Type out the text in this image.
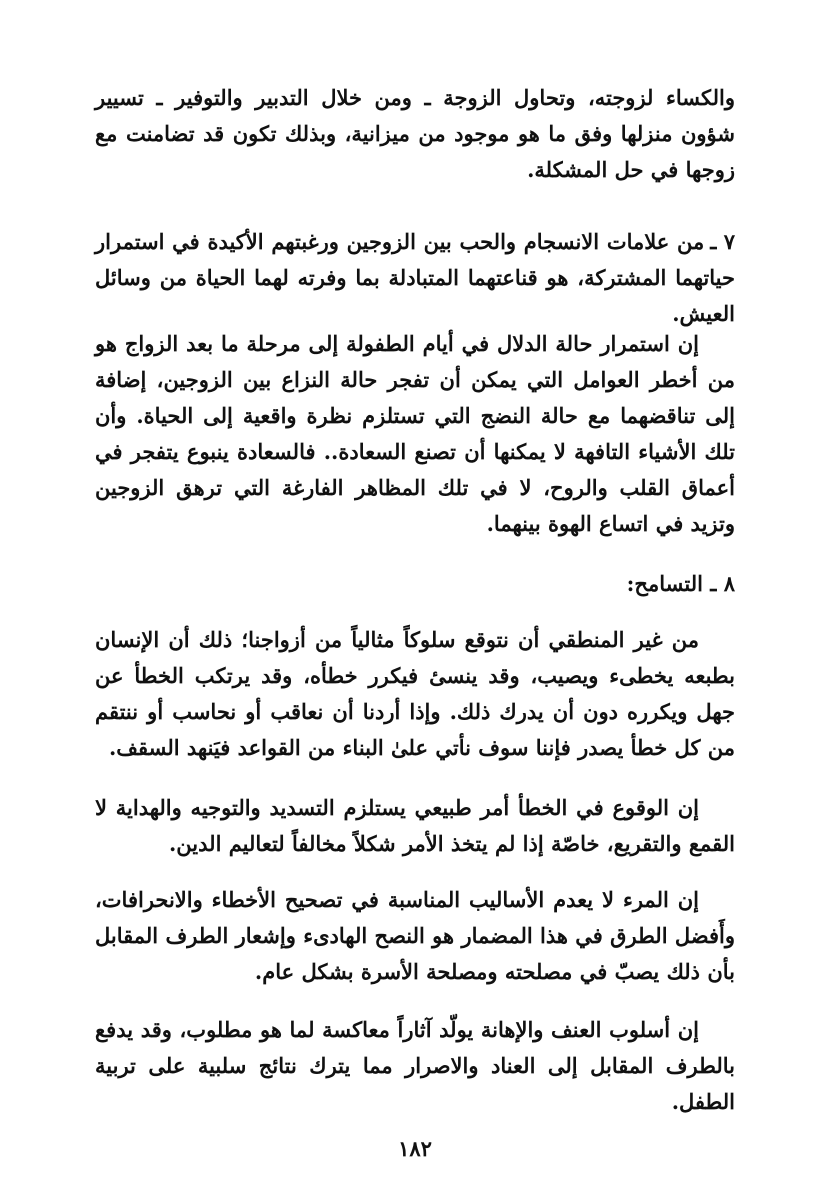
والكساء لزوجته، وتحاول الزوجة ـ ومن خلال التدبير والتوفير ـ تسيير شؤون منزلها وفق ما هو موجود من ميزانية، وبذلك تكون قد تضامنت مع زوجها في حل المشكلة.

٧ ـمن علامات الانسجام والحب بين الزوجين ورغبتهم الأكيدة في استمرار حياتهما المشتركة، هو قناعتهما المتبادلة بما وفرته لهما الحياة من وسائل العيش.

إن استمرار حالة الدلال في أيام الطفولة إلى مرحلة ما بعد الزواج هو من أخطر العوامل التي يمكن أن تفجر حالة النزاع بين الزوجين، إضافة إلى تناقضهما مع حالة النضج التي تستلزم نظرة واقعية إلى الحياة. وأن تلك الأشياء التافهة لا يمكنها أن تصنع السعادة.. فالسعادة ينبوع يتفجر في أعماق القلب والروح، لا في تلك المظاهر الفارغة التي ترهق الزوجين وتزيد في اتساع الهوة بينهما.

٨ ـ التسامح:

من غير المنطقي أن نتوقع سلوكاً مثالياً من أزواجنا؛ ذلك أن الإنسان بطبعه يخطىء ويصيب، وقد ينسىٔ فيكرر خطأه، وقد يرتكب الخطأ عن جهل ويكرره دون أن يدرك ذلك. وإذا أردنا أن نعاقب أو نحاسب أو ننتقم من كل خطأ يصدر فإننا سوف نأتي علىٰ البناء من القواعد فيَنهد السقف.

إن الوقوع في الخطأ أمر طبيعي يستلزم التسديد والتوجيه والهداية لا القمع والتقريع، خاصّة إذا لم يتخذ الأمر شكلاً مخالفاً لتعاليم الدين.

إن المرء لا يعدم الأساليب المناسبة في تصحيح الأخطاء والانحرافات، وأَفضل الطرق في هذا المضمار هو النصح الهادىء وإشعار الطرف المقابل بأن ذلك يصبّ في مصلحته ومصلحة الأسرة بشكل عام.

إن أسلوب العنف والإهانة يولّد آثاراً معاكسة لما هو مطلوب، وقد يدفع بالطرف المقابل إلى العناد والاصرار مما يترك نتائج سلبية على تربية الطفل.

١٨٢
